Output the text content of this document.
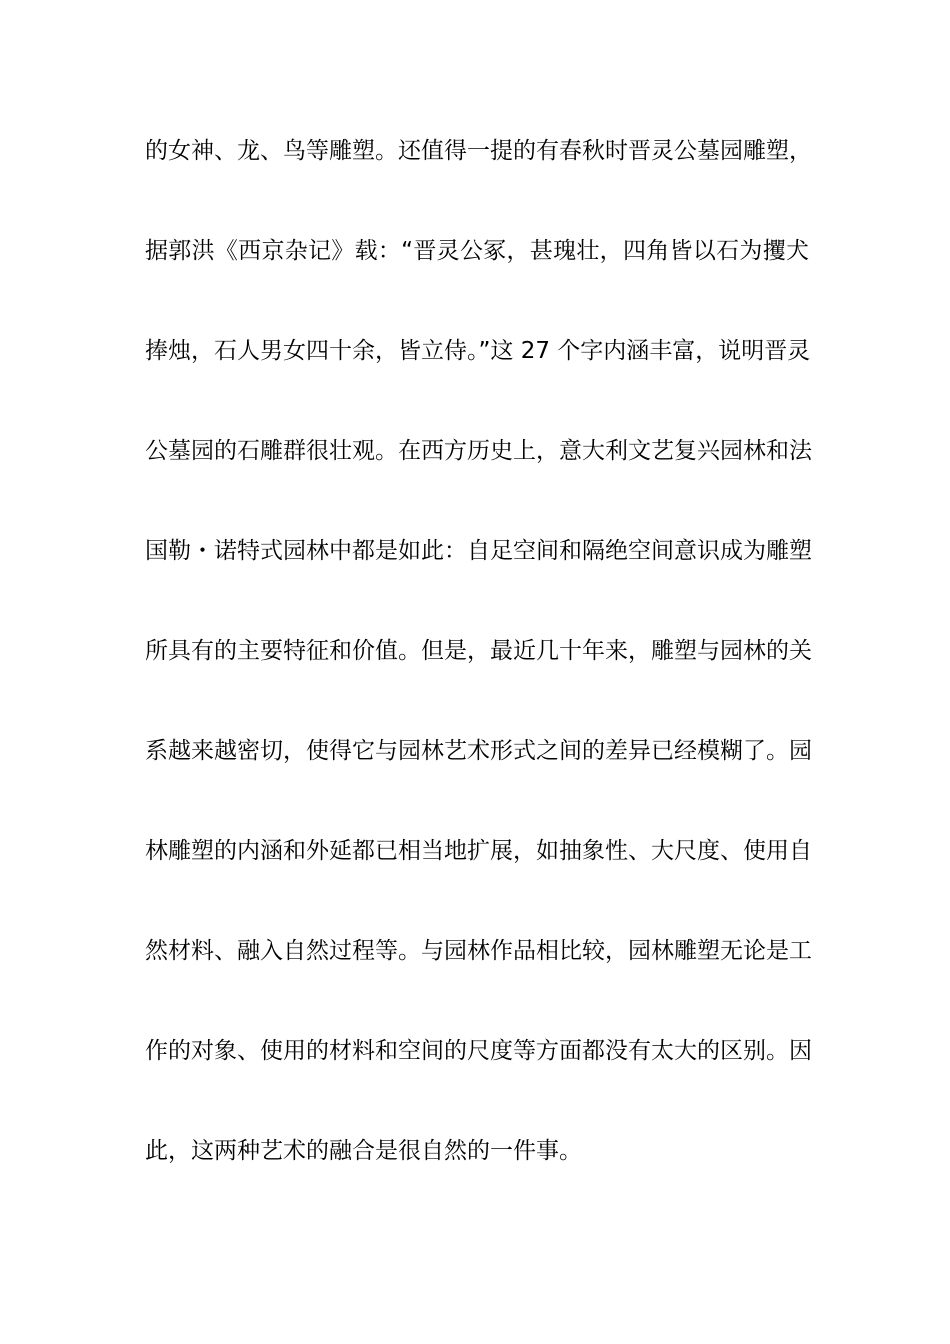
的女神、龙、鸟等雕塑。还值得一提的有春秋时晋灵公墓园雕塑，
据郭洪《西京杂记》载：“晋灵公冢，甚瑰壮，四角皆以石为攫犬
捧烛，石人男女四十余，皆立侍。”这 27 个字内涵丰富，说明晋灵
公墓园的石雕群很壮观。在西方历史上，意大利文艺复兴园林和法
国勒・诺特式园林中都是如此：自足空间和隔绝空间意识成为雕塑
所具有的主要特征和价值。但是，最近几十年来，雕塑与园林的关
系越来越密切，使得它与园林艺术形式之间的差异已经模糊了。园
林雕塑的内涵和外延都已相当地扩展，如抽象性、大尺度、使用自
然材料、融入自然过程等。与园林作品相比较，园林雕塑无论是工
作的对象、使用的材料和空间的尺度等方面都没有太大的区别。因
此，这两种艺术的融合是很自然的一件事。
